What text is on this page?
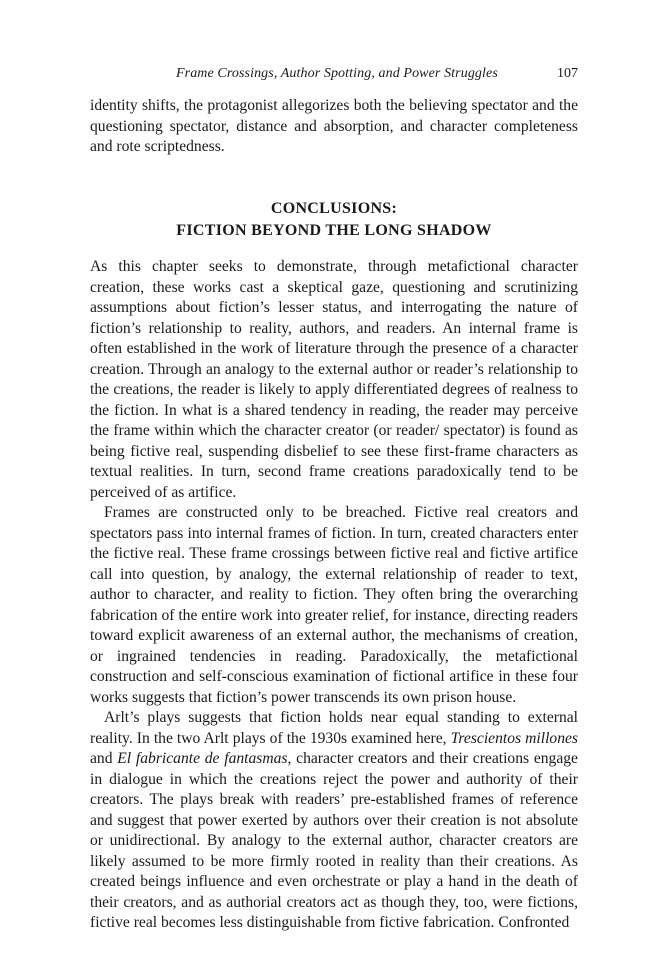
Frame Crossings, Author Spotting, and Power Struggles	107

identity shifts, the protagonist allegorizes both the believing spectator and the questioning spectator, distance and absorption, and character completeness and rote scriptedness.

CONCLUSIONS:
FICTION BEYOND THE LONG SHADOW

As this chapter seeks to demonstrate, through metafictional character creation, these works cast a skeptical gaze, questioning and scrutinizing assumptions about fiction’s lesser status, and interrogating the nature of fiction’s relationship to reality, authors, and readers. An internal frame is often established in the work of literature through the presence of a character creation. Through an analogy to the external author or reader’s relationship to the creations, the reader is likely to apply differentiated degrees of realness to the fiction. In what is a shared tendency in reading, the reader may perceive the frame within which the character creator (or reader/ spectator) is found as being fictive real, suspending disbelief to see these first-frame characters as textual realities. In turn, second frame creations paradoxically tend to be perceived of as artifice.

Frames are constructed only to be breached. Fictive real creators and spectators pass into internal frames of fiction. In turn, created characters enter the fictive real. These frame crossings between fictive real and fictive artifice call into question, by analogy, the external relationship of reader to text, author to character, and reality to fiction. They often bring the overarching fabrication of the entire work into greater relief, for instance, directing readers toward explicit awareness of an external author, the mechanisms of creation, or ingrained tendencies in reading. Paradoxically, the metafictional construction and self-conscious examination of fictional artifice in these four works suggests that fiction’s power transcends its own prison house.

Arlt’s plays suggests that fiction holds near equal standing to external reality. In the two Arlt plays of the 1930s examined here, Trescientos millones and El fabricante de fantasmas, character creators and their creations engage in dialogue in which the creations reject the power and authority of their creators. The plays break with readers’ pre-established frames of reference and suggest that power exerted by authors over their creation is not absolute or unidirectional. By analogy to the external author, character creators are likely assumed to be more firmly rooted in reality than their creations. As created beings influence and even orchestrate or play a hand in the death of their creators, and as authorial creators act as though they, too, were fictions, fictive real becomes less distinguishable from fictive fabrication. Confronted
